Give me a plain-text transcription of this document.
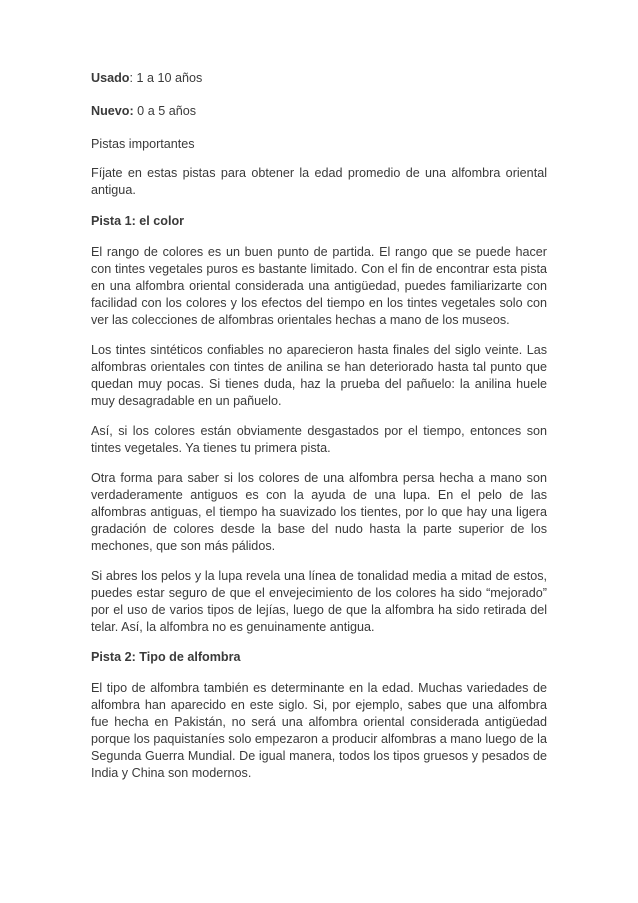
Usado: 1 a 10 años
Nuevo: 0 a 5 años
Pistas importantes

Fíjate en estas pistas para obtener la edad promedio de una alfombra oriental antigua.

Pista 1: el color

El rango de colores es un buen punto de partida. El rango que se puede hacer con tintes vegetales puros es bastante limitado. Con el fin de encontrar esta pista en una alfombra oriental considerada una antigüedad, puedes familiarizarte con facilidad con los colores y los efectos del tiempo en los tintes vegetales solo con ver las colecciones de alfombras orientales hechas a mano de los museos.

Los tintes sintéticos confiables no aparecieron hasta finales del siglo veinte. Las alfombras orientales con tintes de anilina se han deteriorado hasta tal punto que quedan muy pocas. Si tienes duda, haz la prueba del pañuelo: la anilina huele muy desagradable en un pañuelo.

Así, si los colores están obviamente desgastados por el tiempo, entonces son tintes vegetales. Ya tienes tu primera pista.

Otra forma para saber si los colores de una alfombra persa hecha a mano son verdaderamente antiguos es con la ayuda de una lupa. En el pelo de las alfombras antiguas, el tiempo ha suavizado los tientes, por lo que hay una ligera gradación de colores desde la base del nudo hasta la parte superior de los mechones, que son más pálidos.

Si abres los pelos y la lupa revela una línea de tonalidad media a mitad de estos, puedes estar seguro de que el envejecimiento de los colores ha sido “mejorado” por el uso de varios tipos de lejías, luego de que la alfombra ha sido retirada del telar. Así, la alfombra no es genuinamente antigua.

Pista 2: Tipo de alfombra

El tipo de alfombra también es determinante en la edad. Muchas variedades de alfombra han aparecido en este siglo. Si, por ejemplo, sabes que una alfombra fue hecha en Pakistán, no será una alfombra oriental considerada antigüedad porque los paquistaníes solo empezaron a producir alfombras a mano luego de la Segunda Guerra Mundial. De igual manera, todos los tipos gruesos y pesados de India y China son modernos.
